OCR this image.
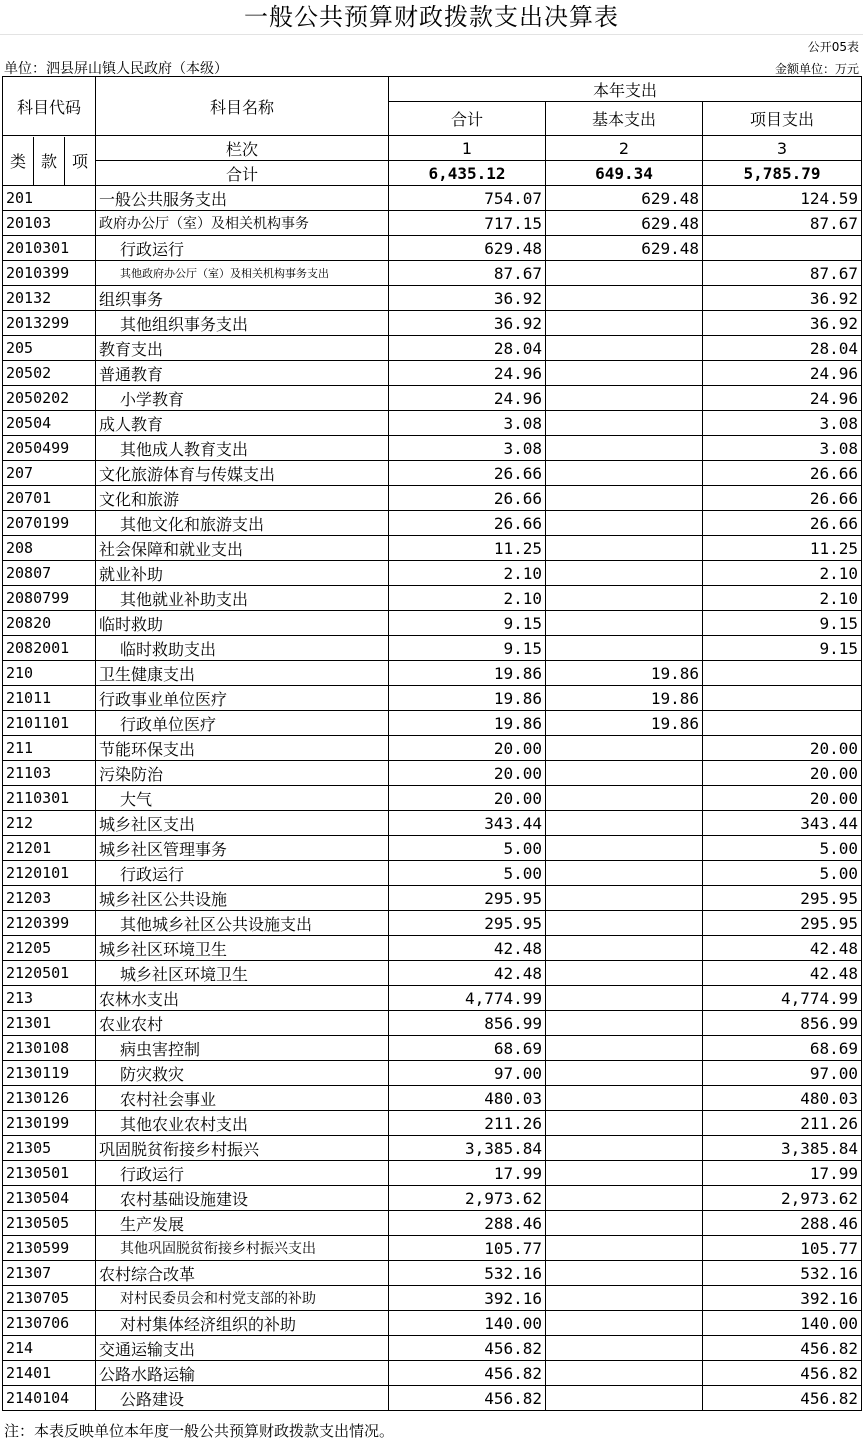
一般公共预算财政拨款支出决算表
公开05表
单位：泗县屏山镇人民政府（本级）	金额单位：万元
科目代码	科目名称	本年支出		
		合计	基本支出	项目支出

类 款 项	栏次	1	2	3
	合计	6,435.12	649.34	5,785.79
201	一般公共服务支出	754.07	629.48	124.59
20103	政府办公厅（室）及相关机构事务	717.15	629.48	87.67
2010301	行政运行	629.48	629.48	
2010399	其他政府办公厅（室）及相关机构事务支出	87.67		87.67
20132	组织事务	36.92		36.92
2013299	其他组织事务支出	36.92		36.92
205	教育支出	28.04		28.04
20502	普通教育	24.96		24.96
2050202	小学教育	24.96		24.96
20504	成人教育	3.08		3.08
2050499	其他成人教育支出	3.08		3.08
207	文化旅游体育与传媒支出	26.66		26.66
20701	文化和旅游	26.66		26.66
2070199	其他文化和旅游支出	26.66		26.66
208	社会保障和就业支出	11.25		11.25
20807	就业补助	2.10		2.10
2080799	其他就业补助支出	2.10		2.10
20820	临时救助	9.15		9.15
2082001	临时救助支出	9.15		9.15
210	卫生健康支出	19.86	19.86	
21011	行政事业单位医疗	19.86	19.86	
2101101	行政单位医疗	19.86	19.86	
211	节能环保支出	20.00		20.00
21103	污染防治	20.00		20.00
2110301	大气	20.00		20.00
212	城乡社区支出	343.44		343.44
21201	城乡社区管理事务	5.00		5.00
2120101	行政运行	5.00		5.00
21203	城乡社区公共设施	295.95		295.95
2120399	其他城乡社区公共设施支出	295.95		295.95
21205	城乡社区环境卫生	42.48		42.48
2120501	城乡社区环境卫生	42.48		42.48
213	农林水支出	4,774.99		4,774.99
21301	农业农村	856.99		856.99
2130108	病虫害控制	68.69		68.69
2130119	防灾救灾	97.00		97.00
2130126	农村社会事业	480.03		480.03
2130199	其他农业农村支出	211.26		211.26
21305	巩固脱贫衔接乡村振兴	3,385.84		3,385.84
2130501	行政运行	17.99		17.99
2130504	农村基础设施建设	2,973.62		2,973.62
2130505	生产发展	288.46		288.46
2130599	其他巩固脱贫衔接乡村振兴支出	105.77		105.77
21307	农村综合改革	532.16		532.16
2130705	对村民委员会和村党支部的补助	392.16		392.16
2130706	对村集体经济组织的补助	140.00		140.00
214	交通运输支出	456.82		456.82
21401	公路水路运输	456.82		456.82
2140104	公路建设	456.82		456.82
注：本表反映单位本年度一般公共预算财政拨款支出情况。
